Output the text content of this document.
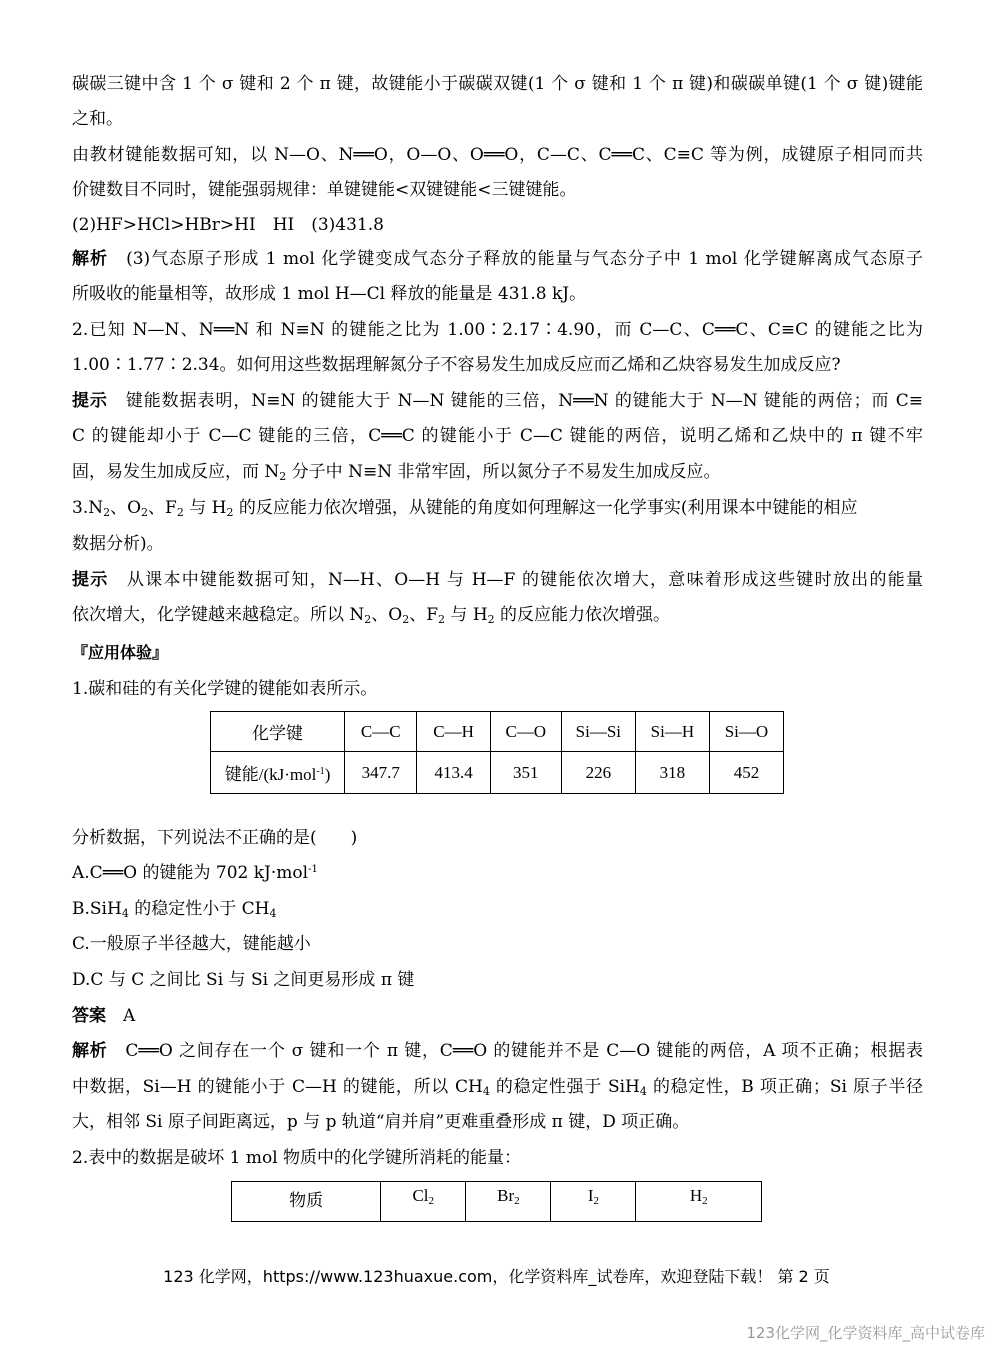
碳碳三键中含 1 个 σ 键和 2 个 π 键，故键能小于碳碳双键(1 个 σ 键和 1 个 π 键)和碳碳单键(1 个 σ 键)键能
之和。
由教材键能数据可知，以 N—O、N══O，O—O、O══O，C—C、C══C、C≡C 等为例，成键原子相同而共
价键数目不同时，键能强弱规律：单键键能<双键键能<三键键能。
(2)HF>HCl>HBr>HI　HI　(3)431.8
解析　 (3)气态原子形成 1 mol 化学键变成气态分子释放的能量与气态分子中 1 mol 化学键解离成气态原子
所吸收的能量相等，故形成 1 mol H—Cl 释放的能量是 431.8 kJ。
2.已知 N—N、N══N 和 N≡N 的键能之比为 1.00∶2.17∶4.90，而 C—C、C══C、C≡C 的键能之比为
1.00∶1.77∶2.34。如何用这些数据理解氮分子不容易发生加成反应而乙烯和乙炔容易发生加成反应?
提示　 键能数据表明，N≡N 的键能大于 N—N 键能的三倍，N══N 的键能大于 N—N 键能的两倍；而 C≡
C 的键能却小于 C—C 键能的三倍，C══C 的键能小于 C—C 键能的两倍，说明乙烯和乙炔中的 π 键不牢
固，易发生加成反应，而 $N_2$ 分子中 N≡N 非常牢固，所以氮分子不易发生加成反应。
$3.N_2$、$O_2$、$F_2$ 与 $H_2$ 的反应能力依次增强，从键能的角度如何理解这一化学事实(利用课本中键能的相应
数据分析)。
提示　 从课本中键能数据可知，N—H、O—H 与 H—F 的键能依次增大，意味着形成这些键时放出的能量
依次增大，化学键越来越稳定。所以 $N_2$、$O_2$、$F_2$ 与 $H_2$ 的反应能力依次增强。
『应用体验』
1.碳和硅的有关化学键的键能如表所示。
化学键	C—C	C—H	C—O	Si—Si	Si—H	Si—O
键能/(kJ·mol$^{-1}$)	347.7	413.4	351	226	318	452
分析数据，下列说法不正确的是(　　)
A.C══O 的键能为 702 kJ·mol$^{-1}$
B.SiH$_4$ 的稳定性小于 $CH_4$
C.一般原子半径越大，键能越小
D.C 与 C 之间比 Si 与 Si 之间更易形成 π 键
答案　 A
解析　 C══O 之间存在一个 σ 键和一个 π 键，C══O 的键能并不是 C—O 键能的两倍，A 项不正确；根据表
中数据，Si—H 的键能小于 C—H 的键能，所以 $CH_4$ 的稳定性强于 SiH$_4$ 的稳定性，B 项正确；Si 原子半径
大，相邻 Si 原子间距离远，p 与 p 轨道“肩并肩”更难重叠形成 π 键，D 项正确。
2.表中的数据是破坏 1 mol 物质中的化学键所消耗的能量：
物质	$Cl_2$	$Br_2$	$I_2$	$H_2$
123 化学网，https://www.123huaxue.com，化学资料库_试卷库，欢迎登陆下载！ 第 2 页
123化学网_化学资料库_高中试卷库
